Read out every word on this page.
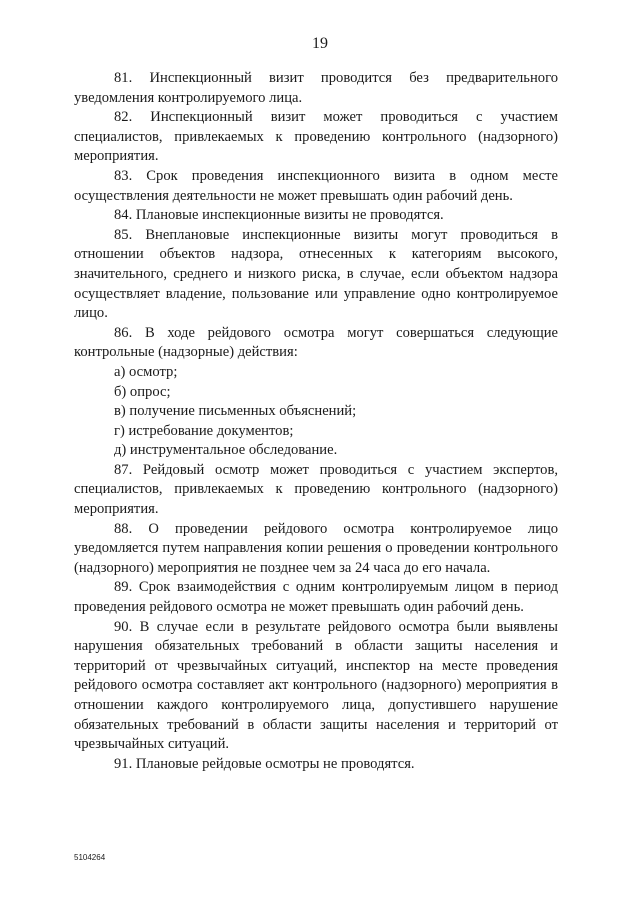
19

81. Инспекционный визит проводится без предварительного уведомления контролируемого лица.

82. Инспекционный визит может проводиться с участием специалистов, привлекаемых к проведению контрольного (надзорного) мероприятия.

83. Срок проведения инспекционного визита в одном месте осуществления деятельности не может превышать один рабочий день.

84. Плановые инспекционные визиты не проводятся.

85. Внеплановые инспекционные визиты могут проводиться в отношении объектов надзора, отнесенных к категориям высокого, значительного, среднего и низкого риска, в случае, если объектом надзора осуществляет владение, пользование или управление одно контролируемое лицо.

86. В ходе рейдового осмотра могут совершаться следующие контрольные (надзорные) действия:

а) осмотр;

б) опрос;

в) получение письменных объяснений;

г) истребование документов;

д) инструментальное обследование.

87. Рейдовый осмотр может проводиться с участием экспертов, специалистов, привлекаемых к проведению контрольного (надзорного) мероприятия.

88. О проведении рейдового осмотра контролируемое лицо уведомляется путем направления копии решения о проведении контрольного (надзорного) мероприятия не позднее чем за 24 часа до его начала.

89. Срок взаимодействия с одним контролируемым лицом в период проведения рейдового осмотра не может превышать один рабочий день.

90. В случае если в результате рейдового осмотра были выявлены нарушения обязательных требований в области защиты населения и территорий от чрезвычайных ситуаций, инспектор на месте проведения рейдового осмотра составляет акт контрольного (надзорного) мероприятия в отношении каждого контролируемого лица, допустившего нарушение обязательных требований в области защиты населения и территорий от чрезвычайных ситуаций.

91. Плановые рейдовые осмотры не проводятся.

5104264
